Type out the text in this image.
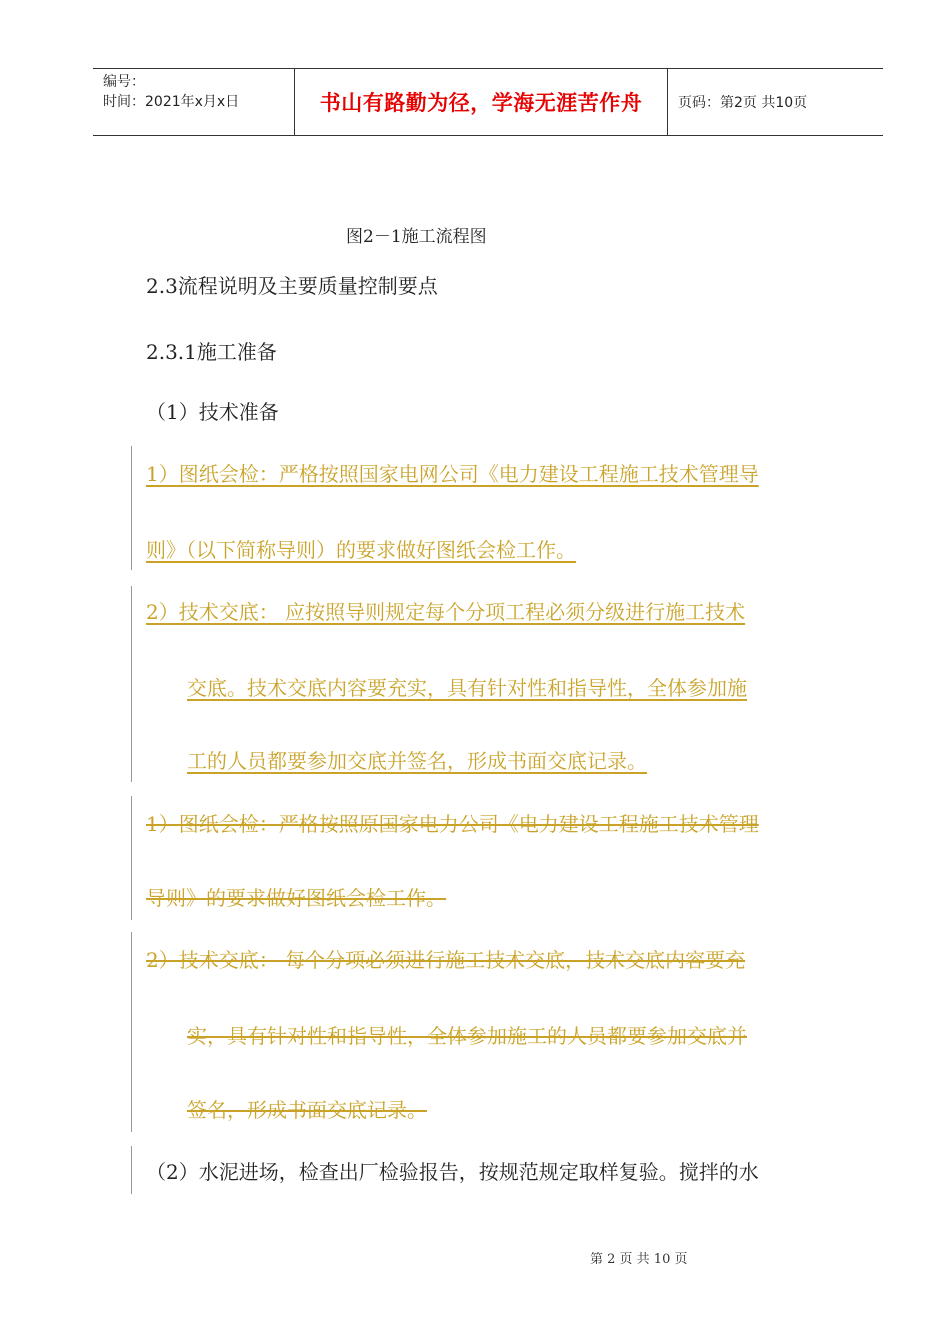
编号：
时间：2021年x月x日	书山有路勤为径，学海无涯苦作舟	页码：第2页 共10页
图2－1施工流程图
2.3流程说明及主要质量控制要点
2.3.1施工准备
（1）技术准备
1）图纸会检：严格按照国家电网公司《电力建设工程施工技术管理导
则》（以下简称导则）的要求做好图纸会检工作。
2）技术交底： 应按照导则规定每个分项工程必须分级进行施工技术
交底。技术交底内容要充实，具有针对性和指导性，全体参加施
工的人员都要参加交底并签名，形成书面交底记录。
1）图纸会检：严格按照原国家电力公司《电力建设工程施工技术管理
导则》的要求做好图纸会检工作。
2）技术交底： 每个分项必须进行施工技术交底，技术交底内容要充
实，具有针对性和指导性，全体参加施工的人员都要参加交底并
签名，形成书面交底记录。
（2）水泥进场，检查出厂检验报告，按规范规定取样复验。搅拌的水
第 2 页 共 10 页
